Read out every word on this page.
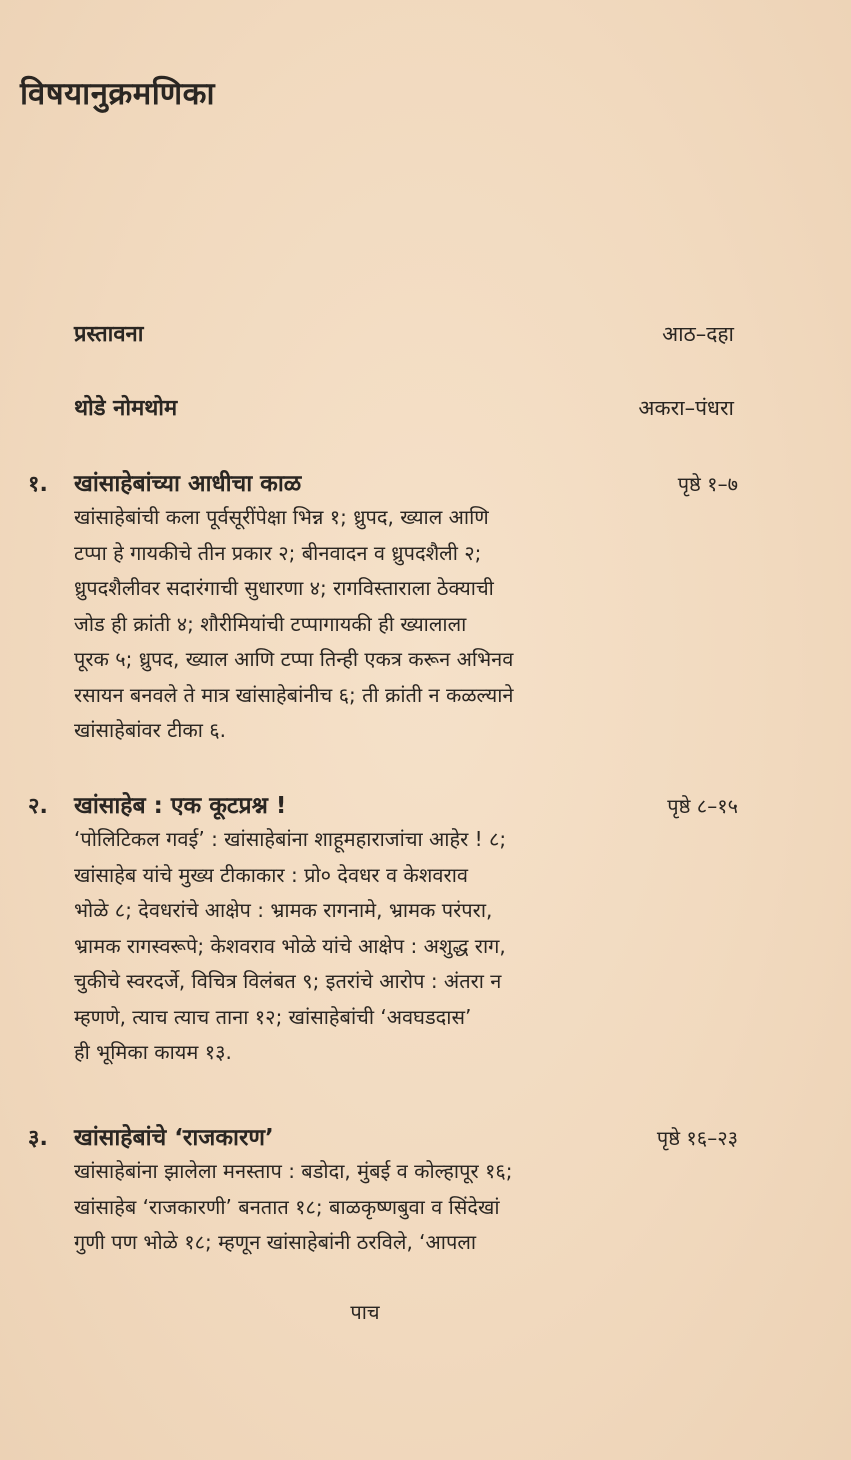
विषयानुक्रमणिका
प्रस्तावना	आठ–दहा
थोडे नोमथोम	अकरा–पंधरा
१.	खांसाहेबांच्या आधीचा काळ	पृष्ठे १–७
खांसाहेबांची कला पूर्वसूरींपेक्षा भिन्न १; ध्रुपद, ख्याल आणि
टप्पा हे गायकीचे तीन प्रकार २; बीनवादन व ध्रुपदशैली २;
ध्रुपदशैलीवर सदारंगाची सुधारणा ४; रागविस्ताराला ठेक्याची
जोड ही क्रांती ४; शौरीमियांची टप्पागायकी ही ख्यालाला
पूरक ५; ध्रुपद, ख्याल आणि टप्पा तिन्ही एकत्र करून अभिनव
रसायन बनवले ते मात्र खांसाहेबांनीच ६; ती क्रांती न कळल्याने
खांसाहेबांवर टीका ६.
२.	खांसाहेब : एक कूटप्रश्न !	पृष्ठे ८–१५
‘पोलिटिकल गवई’ : खांसाहेबांना शाहूमहाराजांचा आहेर ! ८;
खांसाहेब यांचे मुख्य टीकाकार : प्रो० देवधर व केशवराव
भोळे ८; देवधरांचे आक्षेप : भ्रामक रागनामे, भ्रामक परंपरा,
भ्रामक रागस्वरूपे; केशवराव भोळे यांचे आक्षेप : अशुद्ध राग,
चुकीचे स्वरदर्जे, विचित्र विलंबत ९; इतरांचे आरोप : अंतरा न
म्हणणे, त्याच त्याच ताना १२; खांसाहेबांची ‘अवघडदास’
ही भूमिका कायम १३.
३.	खांसाहेबांचे ‘राजकारण’	पृष्ठे १६–२३
खांसाहेबांना झालेला मनस्ताप : बडोदा, मुंबई व कोल्हापूर १६;
खांसाहेब ‘राजकारणी’ बनतात १८; बाळकृष्णबुवा व सिंदेखां
गुणी पण भोळे १८; म्हणून खांसाहेबांनी ठरविले, ‘आपला
पाच
